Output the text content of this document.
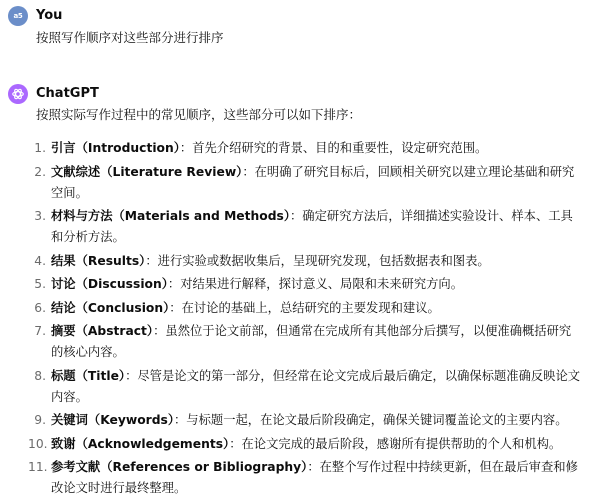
a5	You
按照写作顺序对这些部分进行排序
ChatGPT
按照实际写作过程中的常见顺序，这些部分可以如下排序：
1. 引言（Introduction）：首先介绍研究的背景、目的和重要性，设定研究范围。
2. 文献综述（Literature Review）：在明确了研究目标后，回顾相关研究以建立理论基础和研究空间。
3. 材料与方法（Materials and Methods）：确定研究方法后，详细描述实验设计、样本、工具和分析方法。
4. 结果（Results）：进行实验或数据收集后，呈现研究发现，包括数据表和图表。
5. 讨论（Discussion）：对结果进行解释，探讨意义、局限和未来研究方向。
6. 结论（Conclusion）：在讨论的基础上，总结研究的主要发现和建议。
7. 摘要（Abstract）：虽然位于论文前部，但通常在完成所有其他部分后撰写，以便准确概括研究的核心内容。
8. 标题（Title）：尽管是论文的第一部分，但经常在论文完成后最后确定，以确保标题准确反映论文内容。
9. 关键词（Keywords）：与标题一起，在论文最后阶段确定，确保关键词覆盖论文的主要内容。
10. 致谢（Acknowledgements）：在论文完成的最后阶段，感谢所有提供帮助的个人和机构。
11. 参考文献（References or Bibliography）：在整个写作过程中持续更新，但在最后审查和修改论文时进行最终整理。
